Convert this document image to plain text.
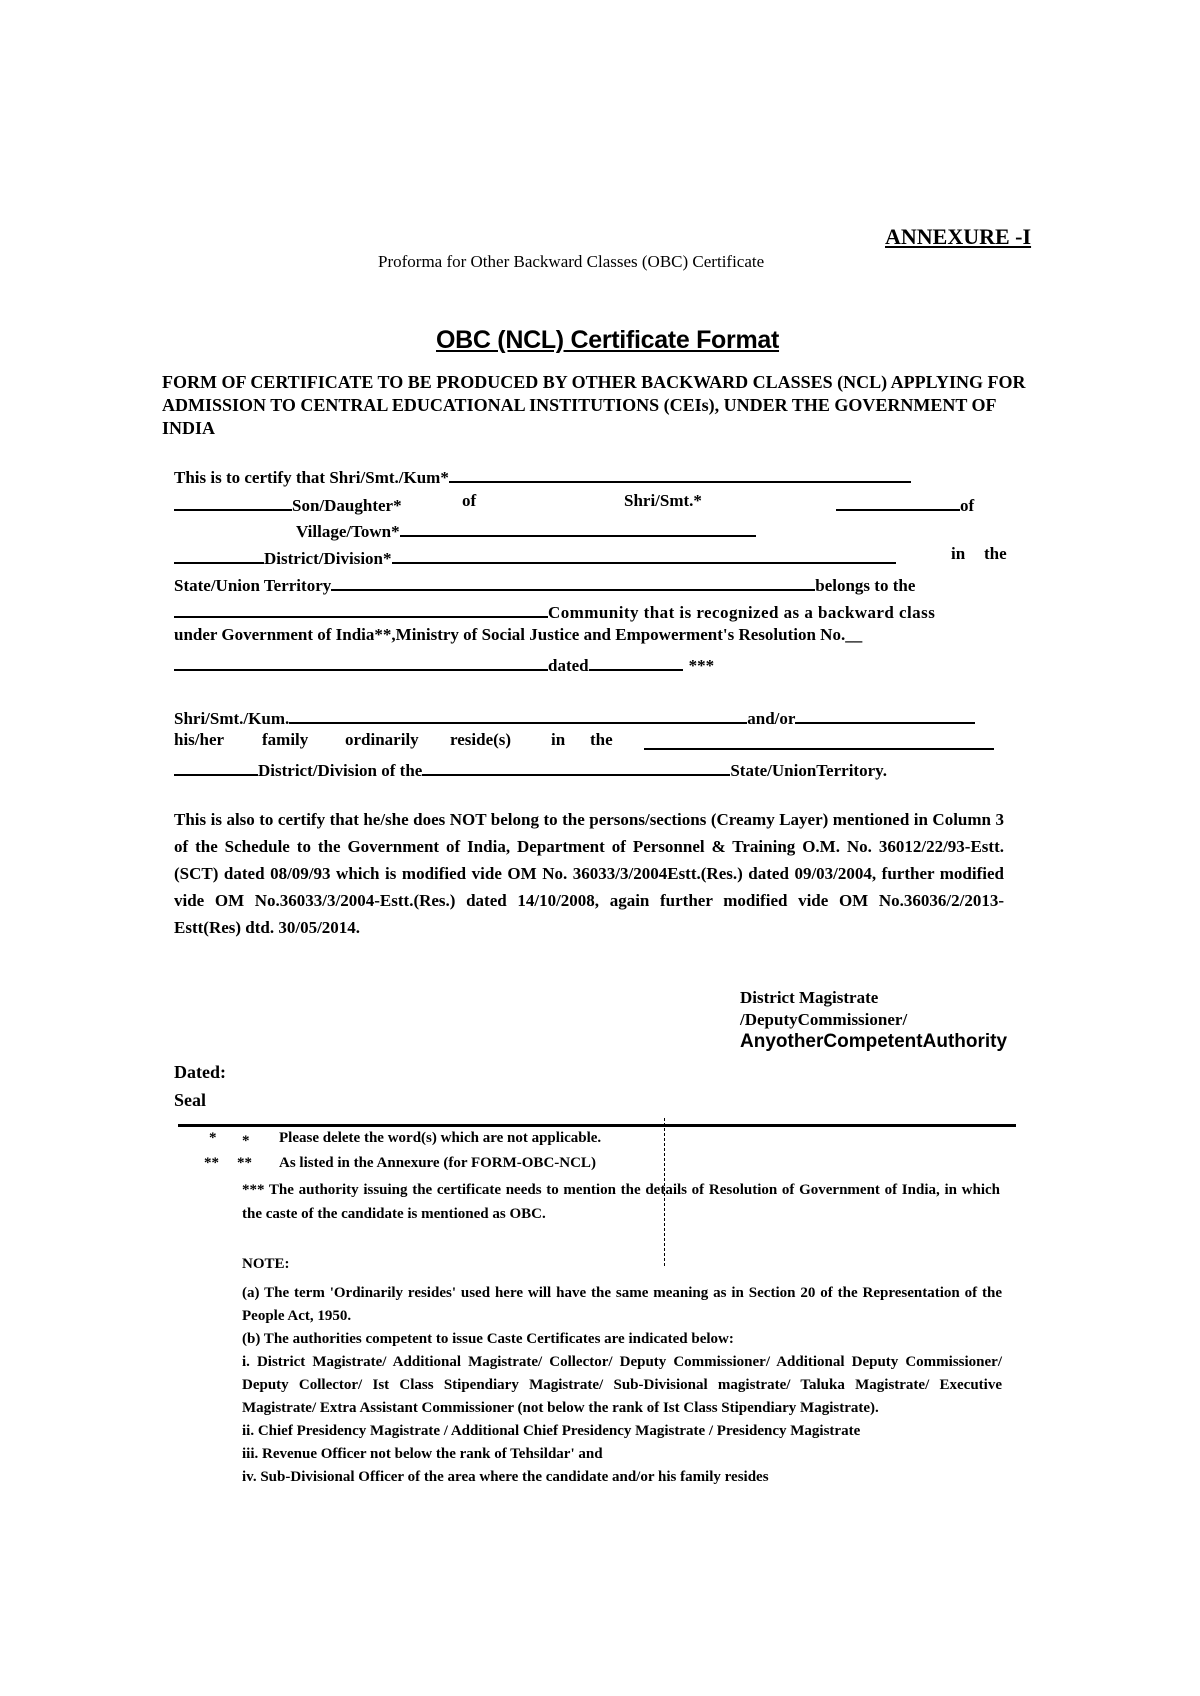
ANNEXURE -I
Proforma for Other Backward Classes (OBC) Certificate
OBC (NCL) Certificate Format
FORM OF CERTIFICATE TO BE PRODUCED BY OTHER BACKWARD CLASSES (NCL) APPLYING FOR ADMISSION TO CENTRAL EDUCATIONAL INSTITUTIONS (CEIs), UNDER THE GOVERNMENT OF INDIA
This is to certify that Shri/Smt./Kum*
Son/Daughter*	of	Shri/Smt.*	of
Village/Town*
District/Division*	in the
State/Union Territory	belongs to the
Community that is recognized as a backward class
under Government of India**,Ministry of Social Justice and Empowerment's Resolution No.__
dated	***
Shri/Smt./Kum.	and/or
his/her family ordinarily reside(s) in the
District/Division of the	State/UnionTerritory.
This is also to certify that he/she does NOT belong to the persons/sections (Creamy Layer) mentioned in Column 3 of the Schedule to the Government of India, Department of Personnel & Training O.M. No. 36012/22/93-Estt.(SCT) dated 08/09/93 which is modified vide OM No. 36033/3/2004Estt.(Res.) dated 09/03/2004, further modified vide OM No.36033/3/2004-Estt.(Res.) dated 14/10/2008, again further modified vide OM No.36036/2/2013-Estt(Res) dtd. 30/05/2014.
District Magistrate
/DeputyCommissioner/
AnyotherCompetentAuthority
Dated:
Seal
* * Please delete the word(s) which are not applicable.
** ** As listed in the Annexure (for FORM-OBC-NCL)
*** The authority issuing the certificate needs to mention the details of Resolution of Government of India, in which the caste of the candidate is mentioned as OBC.

NOTE:

(a) The term 'Ordinarily resides' used here will have the same meaning as in Section 20 of the Representation of the People Act, 1950.

(b) The authorities competent to issue Caste Certificates are indicated below:

i. District Magistrate/ Additional Magistrate/ Collector/ Deputy Commissioner/ Additional Deputy Commissioner/ Deputy Collector/ Ist Class Stipendiary Magistrate/ Sub-Divisional magistrate/ Taluka Magistrate/ Executive Magistrate/ Extra Assistant Commissioner (not below the rank of Ist Class Stipendiary Magistrate).

ii. Chief Presidency Magistrate / Additional Chief Presidency Magistrate / Presidency Magistrate

iii. Revenue Officer not below the rank of Tehsildar' and

iv. Sub-Divisional Officer of the area where the candidate and/or his family resides
